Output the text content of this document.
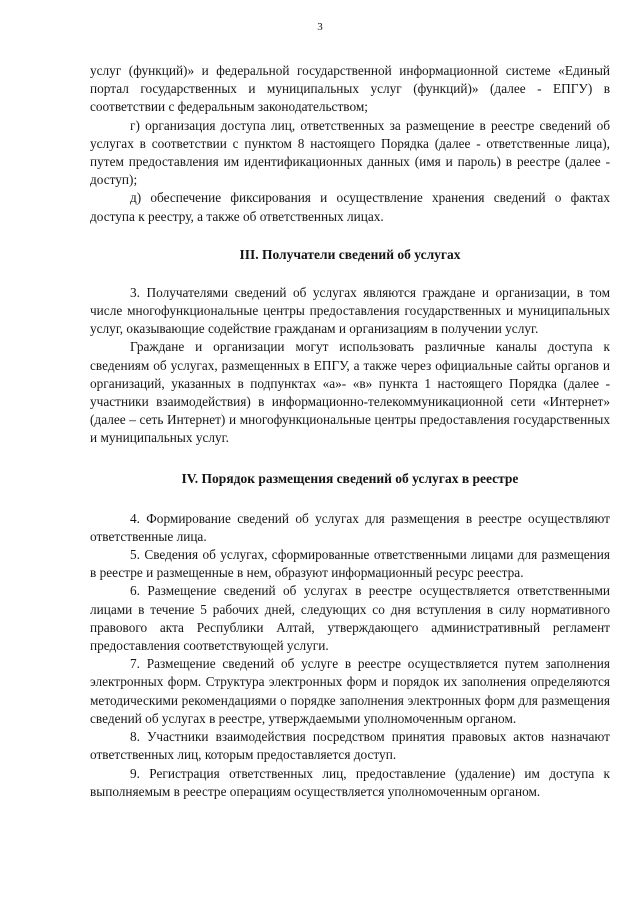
3

услуг (функций)» и федеральной государственной информационной системе «Единый портал государственных и муниципальных услуг (функций)» (далее - ЕПГУ) в соответствии с федеральным законодательством;

г) организация доступа лиц, ответственных за размещение в реестре сведений об услугах в соответствии с пунктом 8 настоящего Порядка (далее - ответственные лица), путем предоставления им идентификационных данных (имя и пароль) в реестре (далее - доступ);

д) обеспечение фиксирования и осуществление хранения сведений о фактах доступа к реестру, а также об ответственных лицах.

III. Получатели сведений об услугах

3. Получателями сведений об услугах являются граждане и организации, в том числе многофункциональные центры предоставления государственных и муниципальных услуг, оказывающие содействие гражданам и организациям в получении услуг.

Граждане и организации могут использовать различные каналы доступа к сведениям об услугах, размещенных в ЕПГУ, а также через официальные сайты органов и организаций, указанных в подпунктах «а»- «в» пункта 1 настоящего Порядка (далее - участники взаимодействия) в информационно-телекоммуникационной сети «Интернет» (далее – сеть Интернет) и многофункциональные центры предоставления государственных и муниципальных услуг.

IV. Порядок размещения сведений об услугах в реестре

4. Формирование сведений об услугах для размещения в реестре осуществляют ответственные лица.

5. Сведения об услугах, сформированные ответственными лицами для размещения в реестре и размещенные в нем, образуют информационный ресурс реестра.

6. Размещение сведений об услугах в реестре осуществляется ответственными лицами в течение 5 рабочих дней, следующих со дня вступления в силу нормативного правового акта Республики Алтай, утверждающего административный регламент предоставления соответствующей услуги.

7. Размещение сведений об услуге в реестре осуществляется путем заполнения электронных форм. Структура электронных форм и порядок их заполнения определяются методическими рекомендациями о порядке заполнения электронных форм для размещения сведений об услугах в реестре, утверждаемыми уполномоченным органом.

8. Участники взаимодействия посредством принятия правовых актов назначают ответственных лиц, которым предоставляется доступ.

9. Регистрация ответственных лиц, предоставление (удаление) им доступа к выполняемым в реестре операциям осуществляется уполномоченным органом.
